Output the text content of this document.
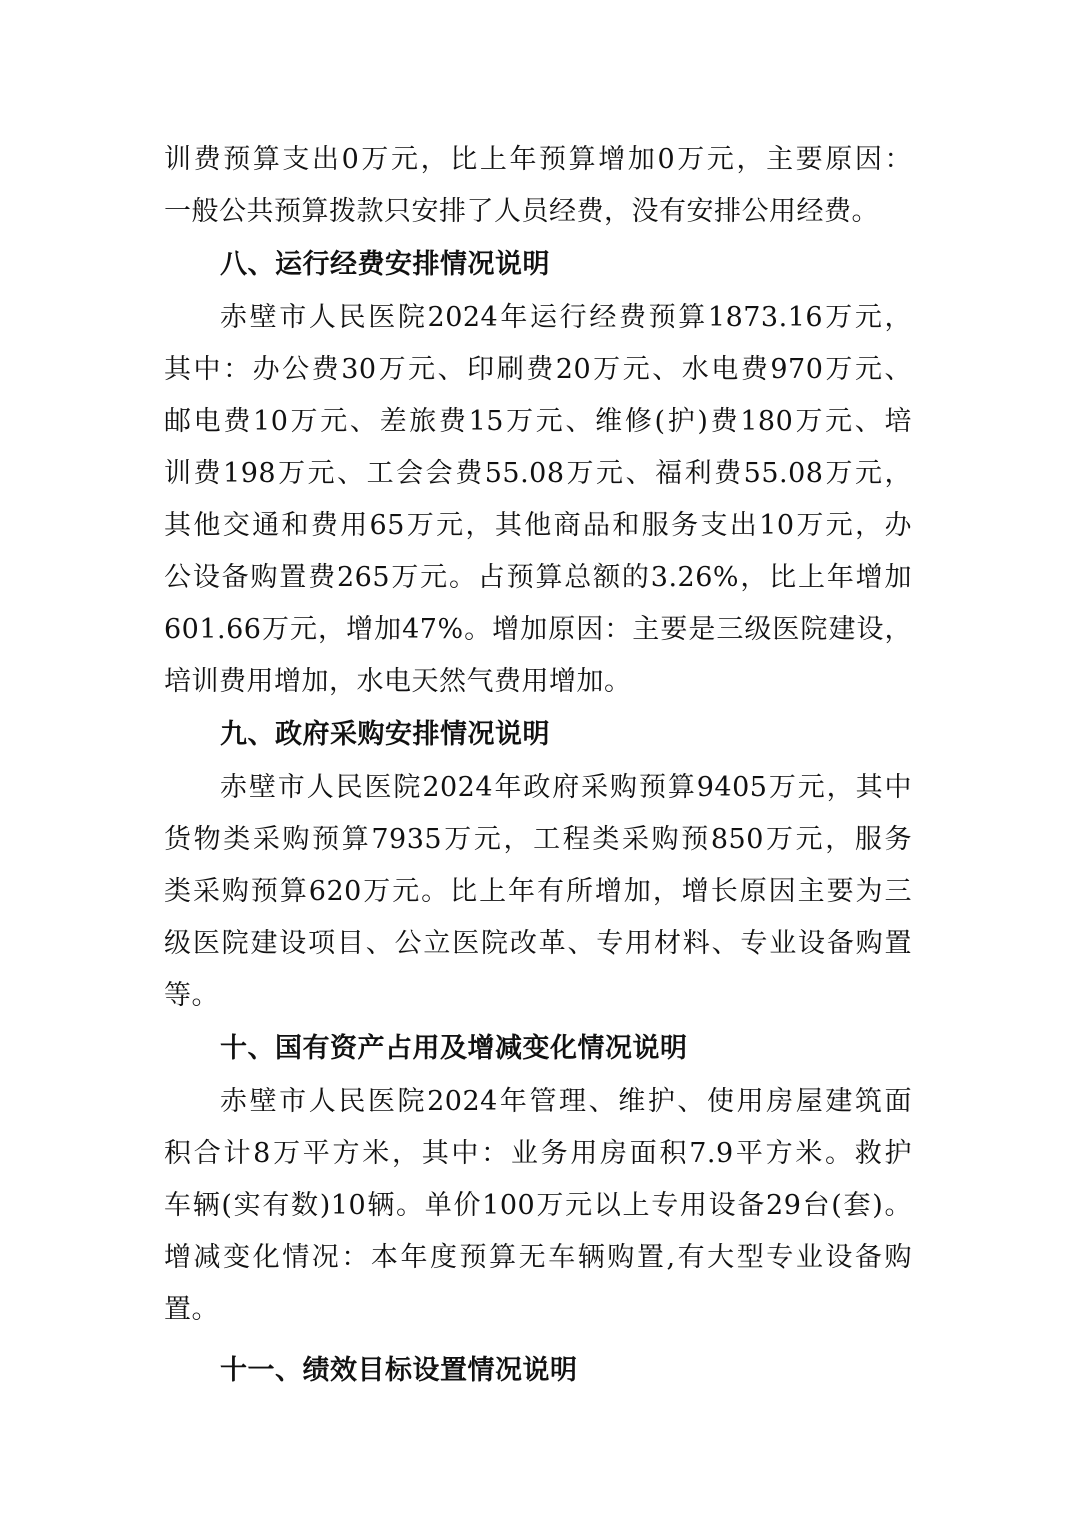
训费预算支出0万元，比上年预算增加0万元，主要原因：
一般公共预算拨款只安排了人员经费，没有安排公用经费。
八、运行经费安排情况说明
赤壁市人民医院2024年运行经费预算1873.16万元，
其中：办公费30万元、印刷费20万元、水电费970万元、
邮电费10万元、差旅费15万元、维修(护)费180万元、培
训费198万元、工会会费55.08万元、福利费55.08万元，
其他交通和费用65万元，其他商品和服务支出10万元，办
公设备购置费265万元。占预算总额的3.26%，比上年增加
601.66万元，增加47%。增加原因：主要是三级医院建设，
培训费用增加，水电天然气费用增加。
九、政府采购安排情况说明
赤壁市人民医院2024年政府采购预算9405万元，其中
货物类采购预算7935万元，工程类采购预850万元，服务
类采购预算620万元。比上年有所增加，增长原因主要为三
级医院建设项目、公立医院改革、专用材料、专业设备购置
等。
十、国有资产占用及增减变化情况说明
赤壁市人民医院2024年管理、维护、使用房屋建筑面
积合计8万平方米，其中：业务用房面积7.9平方米。救护
车辆(实有数)10辆。单价100万元以上专用设备29台(套)。
增减变化情况：本年度预算无车辆购置,有大型专业设备购
置。
十一、绩效目标设置情况说明
